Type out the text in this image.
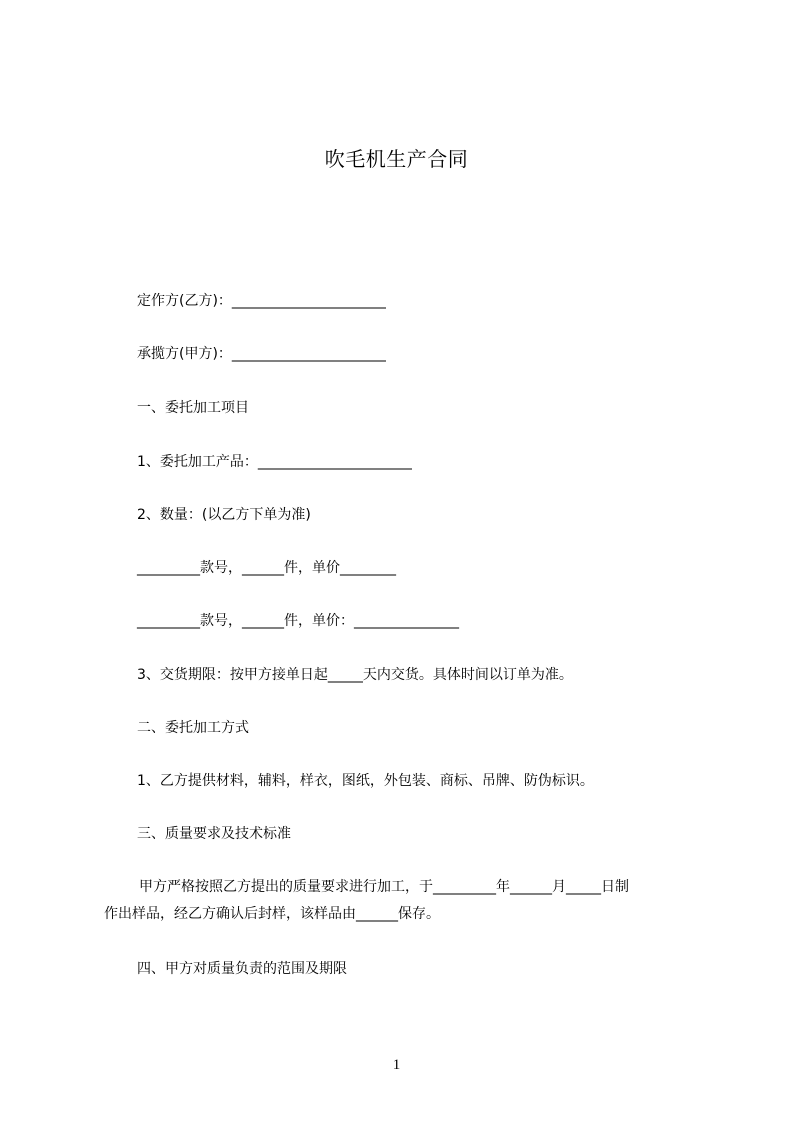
吹毛机生产合同
定作方(乙方)：______________________
承揽方(甲方)：______________________
一、委托加工项目
1、委托加工产品：______________________
2、数量：(以乙方下单为准)
_________款号，______件，单价________
_________款号，______件，单价：_______________
3、交货期限：按甲方接单日起_____天内交货。具体时间以订单为准。
二、委托加工方式
1、乙方提供材料，辅料，样衣，图纸，外包装、商标、吊牌、防伪标识。
三、质量要求及技术标准
甲方严格按照乙方提出的质量要求进行加工，于_________年______月_____日制
作出样品，经乙方确认后封样，该样品由______保存。
四、甲方对质量负责的范围及期限
1
